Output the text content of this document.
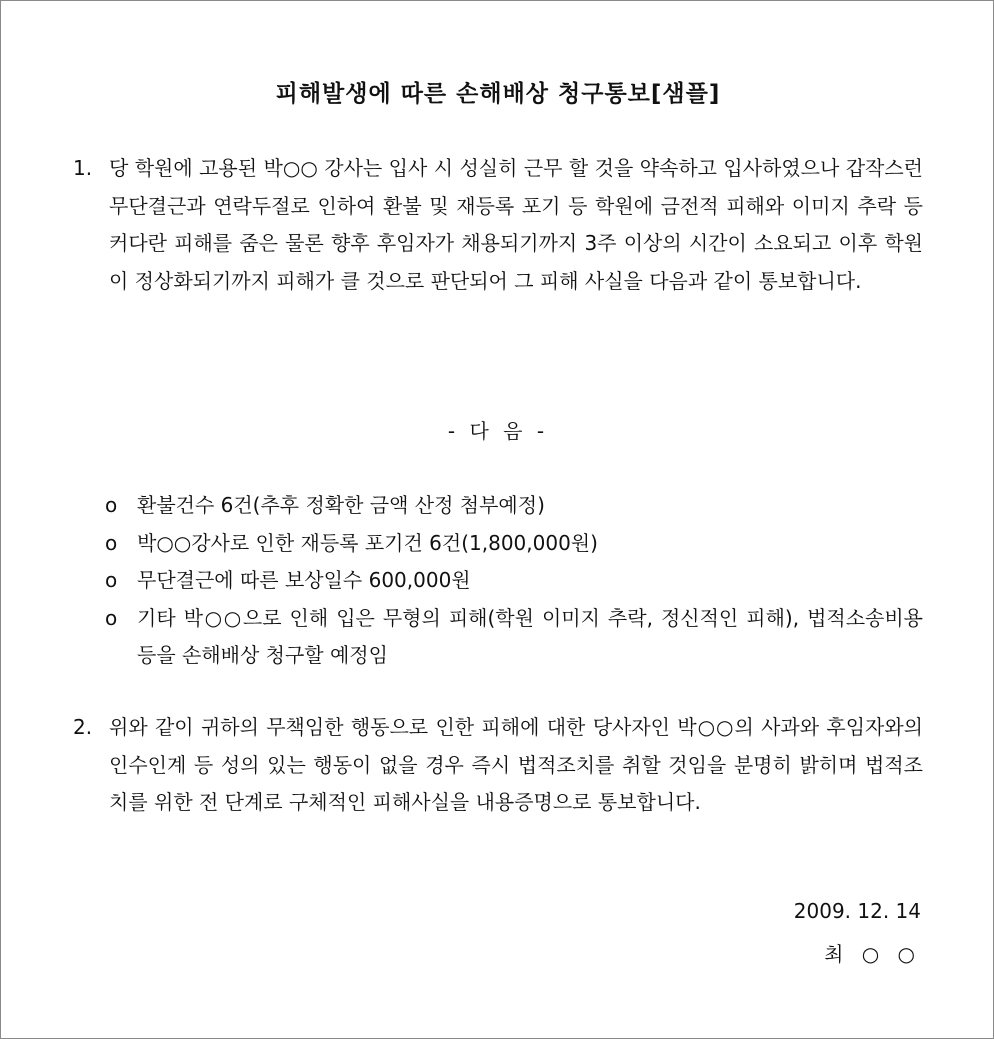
피해발생에 따른 손해배상 청구통보[샘플]
1. 당 학원에 고용된 박○○ 강사는 입사 시 성실히 근무 할 것을 약속하고 입사하였으나 갑작스런 무단결근과 연락두절로 인하여 환불 및 재등록 포기 등 학원에 금전적 피해와 이미지 추락 등 커다란 피해를 줌은 물론 향후 후임자가 채용되기까지 3주 이상의 시간이 소요되고 이후 학원이 정상화되기까지 피해가 클 것으로 판단되어 그 피해 사실을 다음과 같이 통보합니다.
- 다 음 -
o 환불건수 6건(추후 정확한 금액 산정 첨부예정)
o 박○○강사로 인한 재등록 포기건 6건(1,800,000원)
o 무단결근에 따른 보상일수 600,000원
o 기타 박○○으로 인해 입은 무형의 피해(학원 이미지 추락, 정신적인 피해), 법적소송비용 등을 손해배상 청구할 예정임
2. 위와 같이 귀하의 무책임한 행동으로 인한 피해에 대한 당사자인 박○○의 사과와 후임자와의 인수인계 등 성의 있는 행동이 없을 경우 즉시 법적조치를 취할 것임을 분명히 밝히며 법적조치를 위한 전 단계로 구체적인 피해사실을 내용증명으로 통보합니다.
2009. 12. 14
최 ○ ○
